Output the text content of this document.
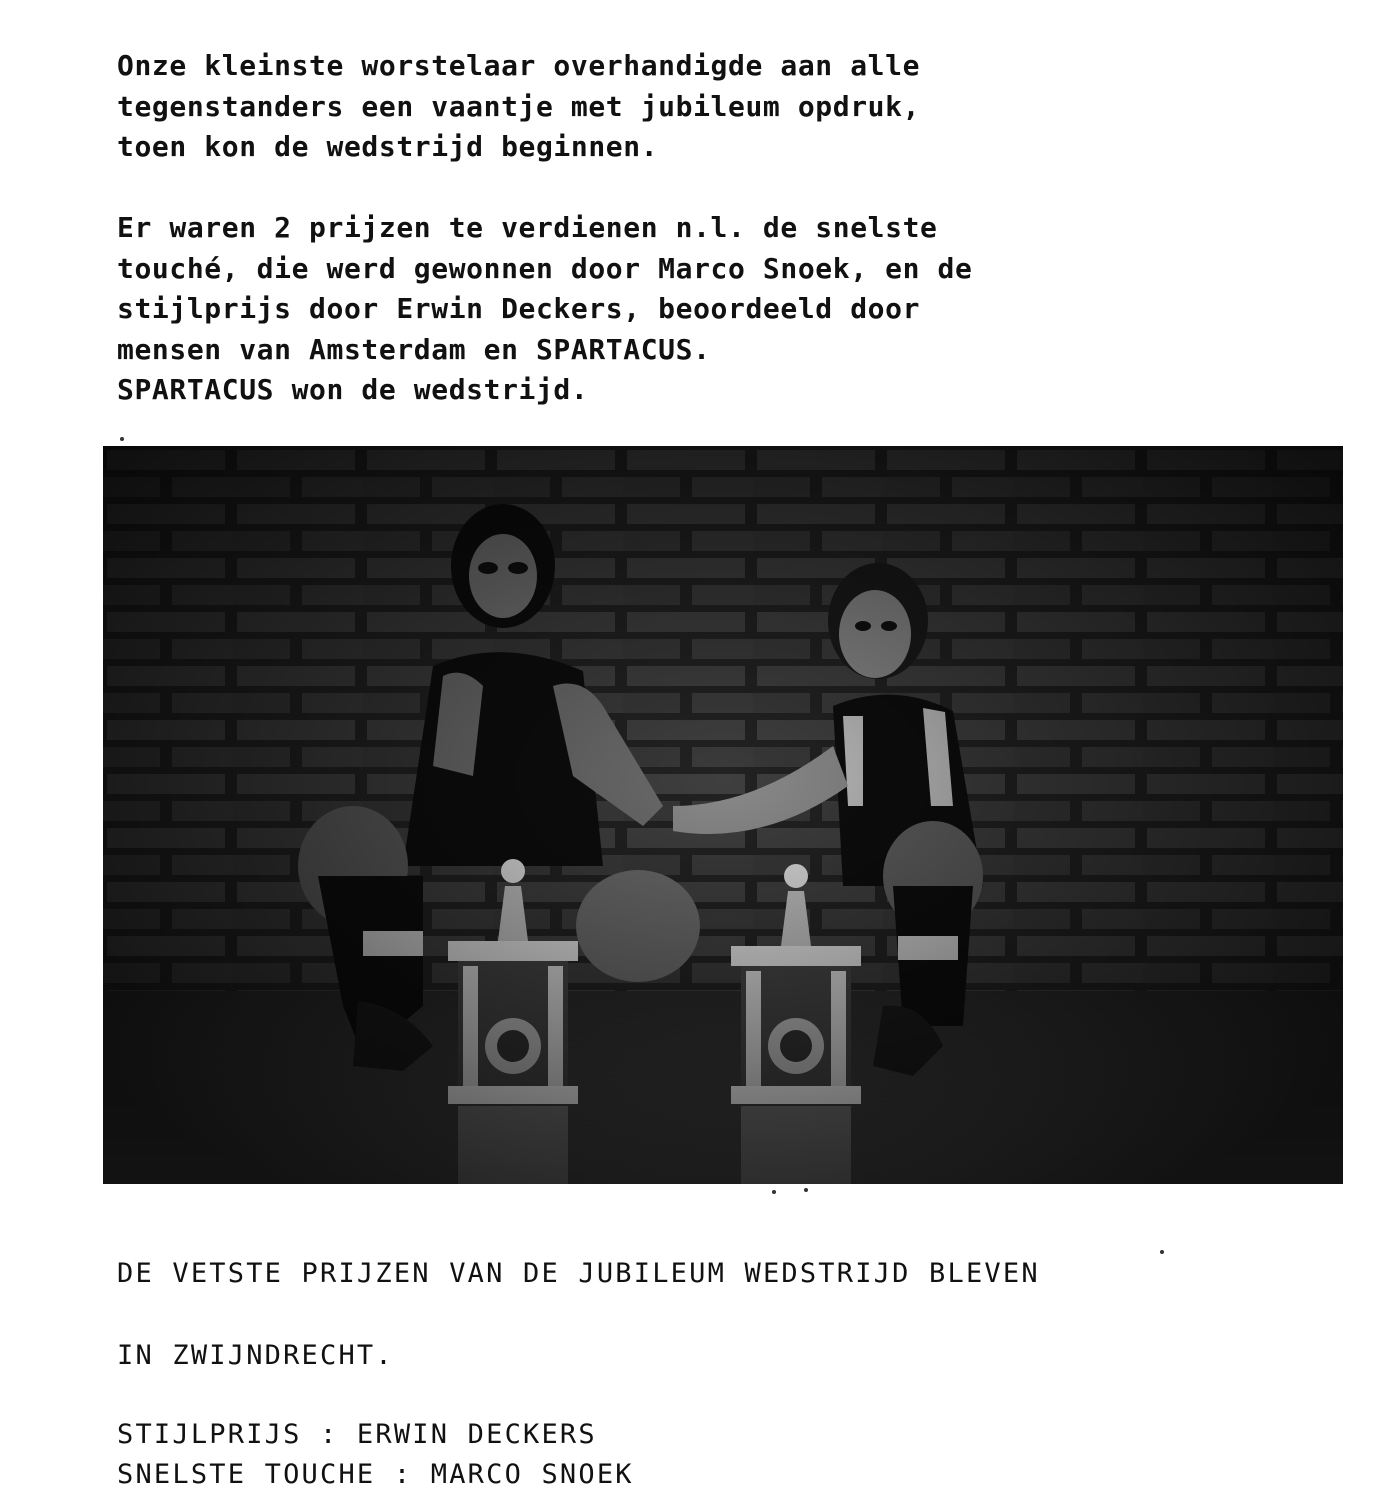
Onze kleinste worstelaar overhandigde aan alle
tegenstanders een vaantje met jubileum opdruk,
toen kon de wedstrijd beginnen.
Er waren 2 prijzen te verdienen n.l. de snelste
touché, die werd gewonnen door Marco Snoek, en de
stijlprijs door Erwin Deckers, beoordeeld door
mensen van Amsterdam en SPARTACUS.
SPARTACUS won de wedstrijd.
DE VETSTE PRIJZEN VAN DE JUBILEUM WEDSTRIJD BLEVEN
IN ZWIJNDRECHT.
STIJLPRIJS : ERWIN DECKERS
SNELSTE TOUCHE : MARCO SNOEK
